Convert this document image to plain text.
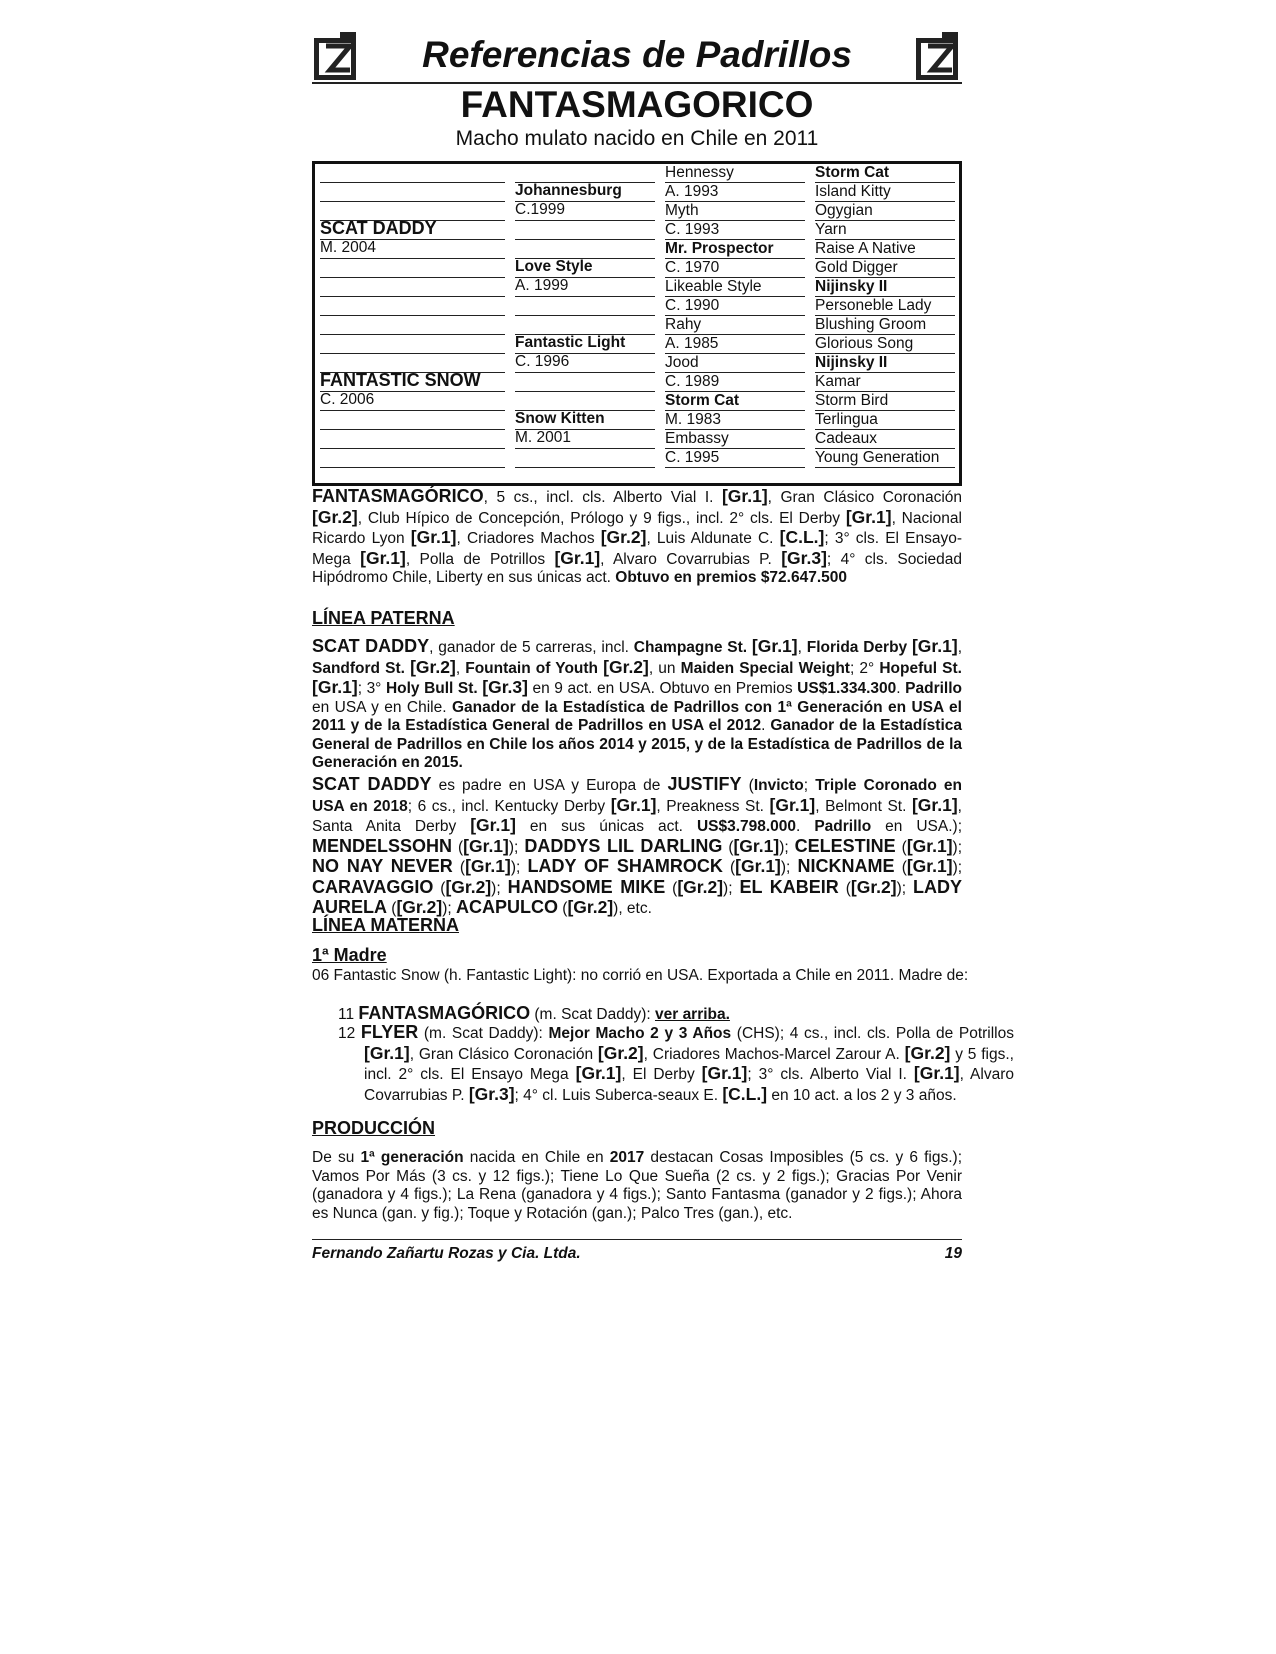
Referencias de Padrillos
FANTASMAGORICO
Macho mulato nacido en Chile en 2011
SCAT DADDY
M. 2004
FANTASTIC SNOW
C. 2006
Johannesburg
C.1999
Love Style
A. 1999
Fantastic Light
C. 1996
Snow Kitten
M. 2001
Hennessy
A. 1993
Myth
C. 1993
Mr. Prospector
C. 1970
Likeable Style
C. 1990
Rahy
A. 1985
Jood
C. 1989
Storm Cat
M. 1983
Embassy
C. 1995
Storm Cat
Island Kitty
Ogygian
Yarn
Raise A Native
Gold Digger
Nijinsky II
Personeble Lady
Blushing Groom
Glorious Song
Nijinsky II
Kamar
Storm Bird
Terlingua
Cadeaux
Young Generation
FANTASMAGÓRICO, 5 cs., incl. cls. Alberto Vial I. [Gr.1], Gran Clásico Coronación [Gr.2], Club Hípico de Concepción, Prólogo y 9 figs., incl. 2° cls. El Derby [Gr.1], Nacional Ricardo Lyon [Gr.1], Criadores Machos [Gr.2], Luis Aldunate C. [C.L.]; 3° cls. El Ensayo-Mega [Gr.1], Polla de Potrillos [Gr.1], Alvaro Covarrubias P. [Gr.3]; 4° cls. Sociedad Hipódromo Chile, Liberty en sus únicas act. Obtuvo en premios $72.647.500
LÍNEA PATERNA
SCAT DADDY, ganador de 5 carreras, incl. Champagne St. [Gr.1], Florida Derby [Gr.1], Sandford St. [Gr.2], Fountain of Youth [Gr.2], un Maiden Special Weight; 2° Hopeful St. [Gr.1]; 3° Holy Bull St. [Gr.3] en 9 act. en USA. Obtuvo en Premios US$1.334.300. Padrillo en USA y en Chile. Ganador de la Estadística de Padrillos con 1ª Generación en USA el 2011 y de la Estadística General de Padrillos en USA el 2012. Ganador de la Estadística General de Padrillos en Chile los años 2014 y 2015, y de la Estadística de Padrillos de la Generación en 2015.
SCAT DADDY es padre en USA y Europa de JUSTIFY (Invicto; Triple Coronado en USA en 2018; 6 cs., incl. Kentucky Derby [Gr.1], Preakness St. [Gr.1], Belmont St. [Gr.1], Santa Anita Derby [Gr.1] en sus únicas act. US$3.798.000. Padrillo en USA.); MENDELSSOHN ([Gr.1]); DADDYS LIL DARLING ([Gr.1]); CELESTINE ([Gr.1]); NO NAY NEVER ([Gr.1]); LADY OF SHAMROCK ([Gr.1]); NICKNAME ([Gr.1]); CARAVAGGIO ([Gr.2]); HANDSOME MIKE ([Gr.2]); EL KABEIR ([Gr.2]); LADY AURELA ([Gr.2]); ACAPULCO ([Gr.2]), etc.
LÍNEA MATERNA
1ª Madre
06 Fantastic Snow (h. Fantastic Light): no corrió en USA. Exportada a Chile en 2011. Madre de:
11 FANTASMAGÓRICO (m. Scat Daddy): ver arriba.
12 FLYER (m. Scat Daddy): Mejor Macho 2 y 3 Años (CHS); 4 cs., incl. cls. Polla de Potrillos [Gr.1], Gran Clásico Coronación [Gr.2], Criadores Machos-Marcel Zarour A. [Gr.2] y 5 figs., incl. 2° cls. El Ensayo Mega [Gr.1], El Derby [Gr.1]; 3° cls. Alberto Vial I. [Gr.1], Alvaro Covarrubias P. [Gr.3]; 4° cl. Luis Suberca-seaux E. [C.L.] en 10 act. a los 2 y 3 años.
PRODUCCIÓN
De su 1ª generación nacida en Chile en 2017 destacan Cosas Imposibles (5 cs. y 6 figs.); Vamos Por Más (3 cs. y 12 figs.); Tiene Lo Que Sueña (2 cs. y 2 figs.); Gracias Por Venir (ganadora y 4 figs.); La Rena (ganadora y 4 figs.); Santo Fantasma (ganador y 2 figs.); Ahora es Nunca (gan. y fig.); Toque y Rotación (gan.); Palco Tres (gan.), etc.
Fernando Zañartu Rozas y Cia. Ltda.	19
